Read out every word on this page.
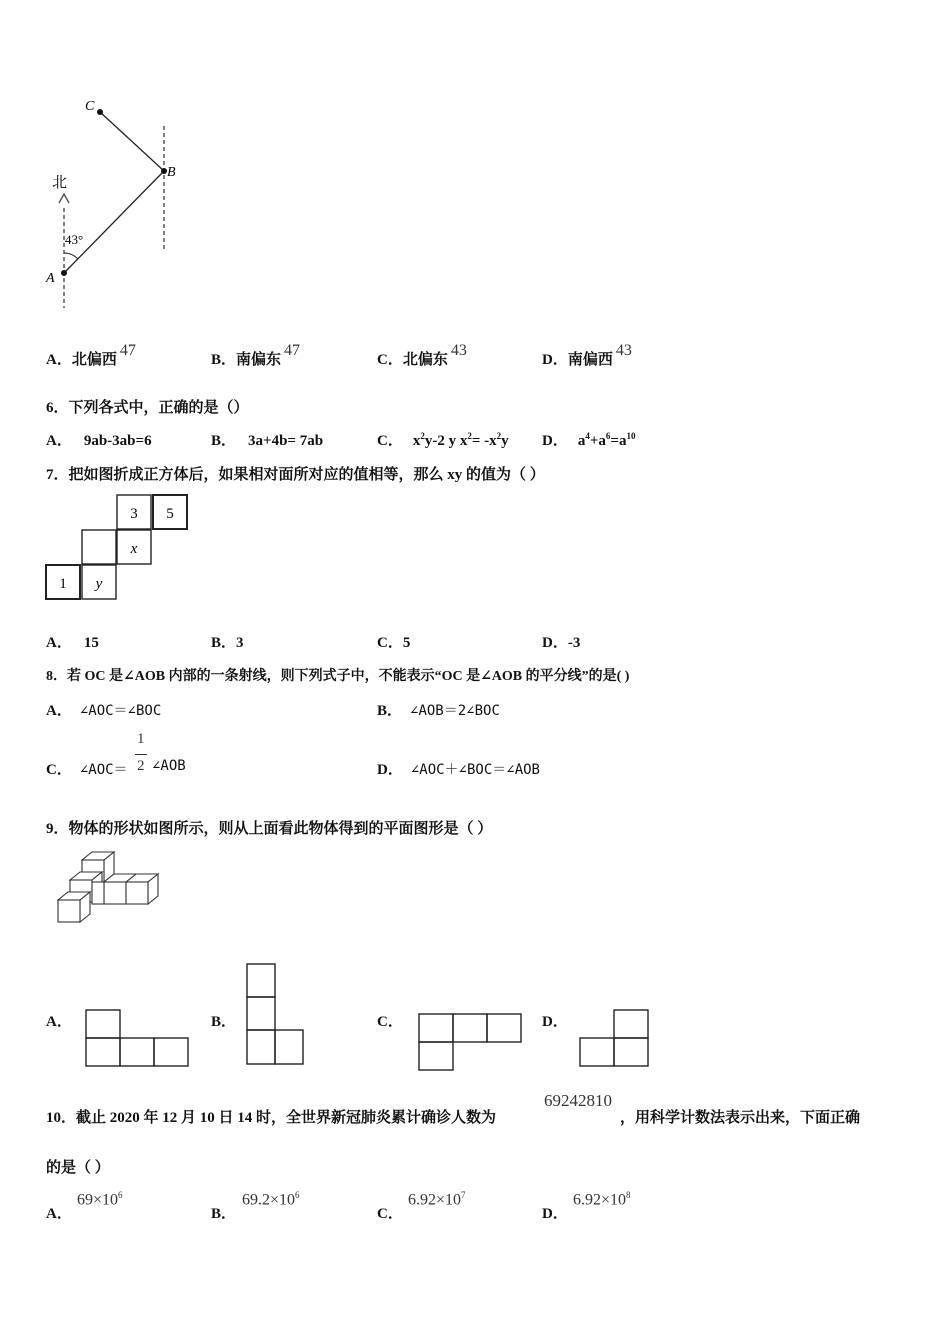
C
B
A
北
43°
A．北偏西47
B．南偏东47
C．北偏东43
D．南偏西43
6．下列各式中，正确的是（）
A． 9ab-3ab=6	B． 3a+4b= 7ab	C． $x^2y-2$ y $x^2= -x^2y$ D． $a^4+a^6=a^{10}$
7．把如图折成正方体后，如果相对面所对应的值相等，那么 xy 的值为（ ）
3 5
x
1 y
A． 15	B．3	C．5	D．-3
8．若 OC 是∠AOB 内部的一条射线，则下列式子中，不能表示“OC 是∠AOB 的平分线”的是( )
A． ∠AOC＝∠BOC	B． ∠AOB＝2∠BOC
C． ∠AOC＝
1
2 ∠AOB	D． ∠AOC＋∠BOC＝∠AOB
9．物体的形状如图所示，则从上面看此物体得到的平面图形是（ ）
A．	B．	C．	D．
10．截止 2020 年 12 月 10 日 14 时，全世界新冠肺炎累计确诊人数为
69242810
，用科学计数法表示出来，下面正确
的是（ ）
A．
$69\times 10^6$
B．
$69.2\times 10^6$
C．
$6.92\times 10^7$
D．
$6.92\times 10^8$
